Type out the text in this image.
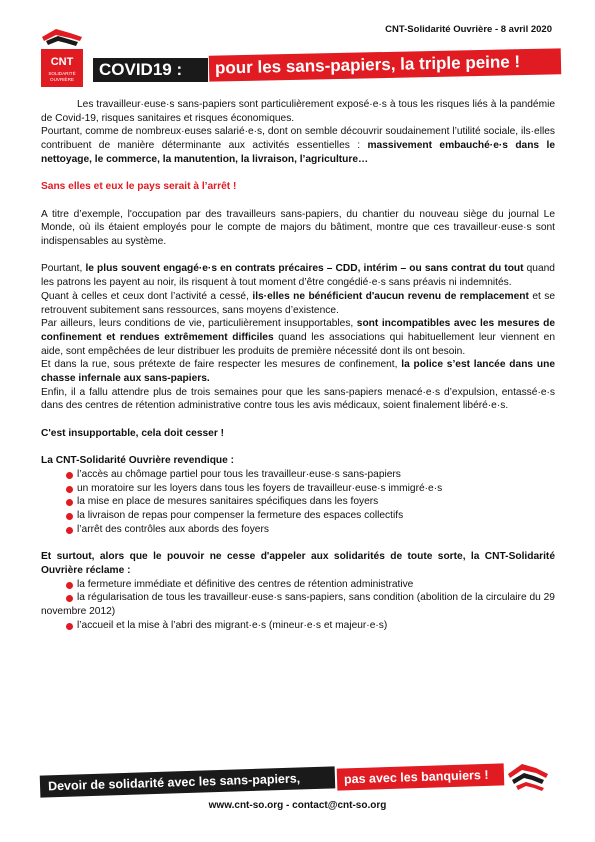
CNT
SOLIDARITÉ
OUVRIÈRE
CNT-Solidarité Ouvrière - 8 avril 2020
COVID19 :	pour les sans-papiers, la triple peine !

Les travailleur·euse·s sans-papiers sont particulièrement exposé·e·s à tous les risques liés à la pandémie de Covid-19, risques sanitaires et risques économiques.

Pourtant, comme de nombreux·euses salarié·e·s, dont on semble découvrir soudainement l’utilité sociale, ils·elles contribuent de manière déterminante aux activités essentielles : massivement embauché·e·s dans le nettoyage, le commerce, la manutention, la livraison, l’agriculture…

Sans elles et eux le pays serait à l’arrêt !

A titre d’exemple, l'occupation par des travailleurs sans-papiers, du chantier du nouveau siège du journal Le Monde, où ils étaient employés pour le compte de majors du bâtiment, montre que ces travailleur·euse·s sont indispensables au système.

Pourtant, le plus souvent engagé·e·s en contrats précaires – CDD, intérim – ou sans contrat du tout quand les patrons les payent au noir, ils risquent à tout moment d’être congédié·e·s sans préavis ni indemnités.

Quant à celles et ceux dont l’activité a cessé, ils·elles ne bénéficient d'aucun revenu de remplacement et se retrouvent subitement sans ressources, sans moyens d’existence.

Par ailleurs, leurs conditions de vie, particulièrement insupportables, sont incompatibles avec les mesures de confinement et rendues extrêmement difficiles quand les associations qui habituellement leur viennent en aide, sont empêchées de leur distribuer les produits de première nécessité dont ils ont besoin.

Et dans la rue, sous prétexte de faire respecter les mesures de confinement, la police s’est lancée dans une chasse infernale aux sans-papiers.

Enfin, il a fallu attendre plus de trois semaines pour que les sans-papiers menacé·e·s d’expulsion, entassé·e·s dans des centres de rétention administrative contre tous les avis médicaux, soient finalement libéré·e·s.

C'est insupportable, cela doit cesser !

La CNT-Solidarité Ouvrière revendique :

l’accès au chômage partiel pour tous les travailleur·euse·s sans-papiers
un moratoire sur les loyers dans tous les foyers de travailleur·euse·s immigré·e·s
la mise en place de mesures sanitaires spécifiques dans les foyers
la livraison de repas pour compenser la fermeture des espaces collectifs
l’arrêt des contrôles aux abords des foyers

Et surtout, alors que le pouvoir ne cesse d'appeler aux solidarités de toute sorte, la CNT-Solidarité Ouvrière réclame :

la fermeture immédiate et définitive des centres de rétention administrative
la régularisation de tous les travailleur·euse·s sans-papiers, sans condition (abolition de la circulaire du 29 novembre 2012)
l’accueil et la mise à l’abri des migrant·e·s (mineur·e·s et majeur·e·s)
Devoir de solidarité avec les sans-papiers,	pas avec les banquiers !
www.cnt-so.org - contact@cnt-so.org
